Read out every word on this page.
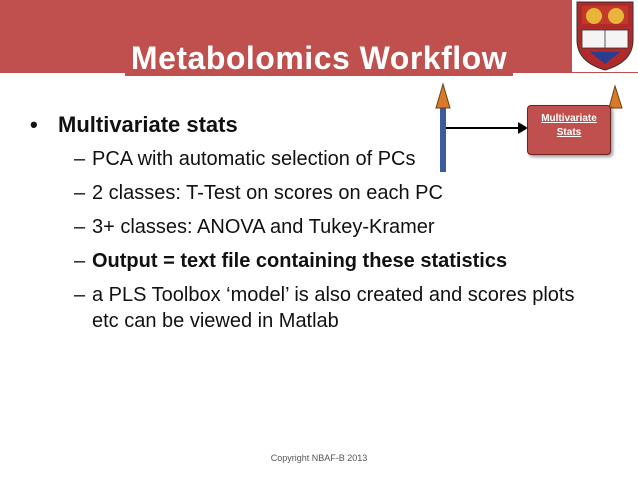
Metabolomics Workflow
Multivariate
Stats
• Multivariate stats
– PCA with automatic selection of PCs
– 2 classes: T-Test on scores on each PC
– 3+ classes: ANOVA and Tukey-Kramer
– Output = text file containing these statistics
– a PLS Toolbox ‘model’ is also created and scores plots etc can be viewed in Matlab
Copyright NBAF-B 2013
